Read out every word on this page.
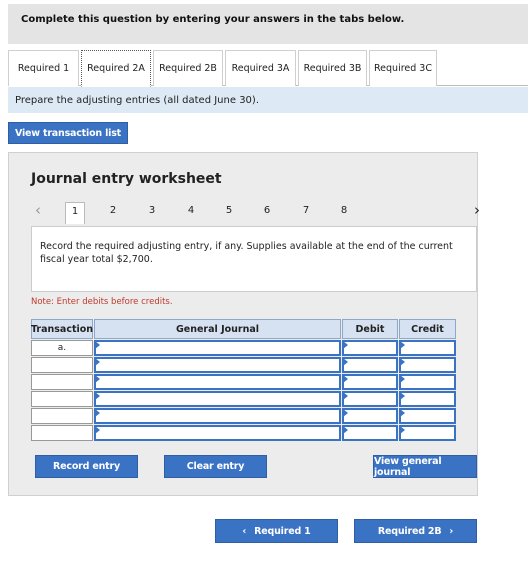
Complete this question by entering your answers in the tabs below.
Required 1	Required 2A	Required 2B	Required 3A	Required 3B	Required 3C
Prepare the adjusting entries (all dated June 30).
View transaction list
Journal entry worksheet
‹	1	2	3	4	5	6	7	8	›
Record the required adjusting entry, if any. Supplies available at the end of the current fiscal year total $2,700.
Note: Enter debits before credits.
Transaction	General Journal	Debit	Credit
a.
Record entry	Clear entry	View general journal
‹ Required 1	Required 2B ›
